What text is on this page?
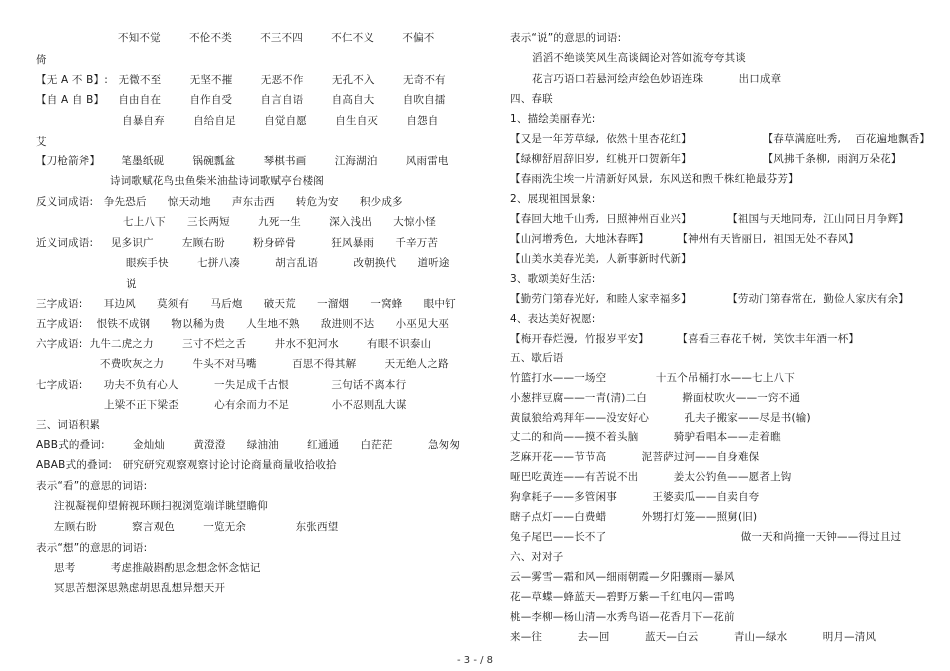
不知不觉        不伦不类        不三不四        不仁不义        不偏不
倚
【无 A 不 B】:   无微不至        无坚不摧        无恶不作        无孔不入        无奇不有
【自 A 自 B】    自由自在        自作自受        自言自语        自高自大        自吹自擂
自暴自弃        自给自足        自觉自愿        自生自灭        自怨自
艾
【刀枪箭斧】      笔墨纸砚        锅碗瓢盆        琴棋书画        江海湖泊        风雨雷电
诗词歌赋花鸟虫鱼柴米油盐诗词歌赋亭台楼阁
反义词成语:   争先恐后      惊天动地      声东击西      转危为安      积少成多
七上八下      三长两短        九死一生        深入浅出      大惊小怪
近义词成语:     见多识广        左顾右盼        粉身碎骨          狂风暴雨      千辛万苦
眼疾手快        七拼八凑          胡言乱语          改朝换代      道听途
说
三字成语:      耳边风      莫须有      马后炮      破天荒      一溜烟      一窝蜂      眼中钉
五字成语:    恨铁不成钢      物以稀为贵      人生地不熟      敌进则不达      小巫见大巫
六字成语:  九牛二虎之力        三寸不烂之舌        井水不犯河水        有眼不识泰山
不费吹灰之力        牛头不对马嘴          百思不得其解        天无绝人之路
七字成语:      功夫不负有心人          一失足成千古恨            三句话不离本行
上梁不正下梁歪          心有余而力不足            小不忍则乱大谋
三、词语积累
ABB式的叠词:        金灿灿        黄澄澄      绿油油        红通通      白茫茫          急匆匆
ABAB式的叠词:   研究研究观察观察讨论讨论商量商量收拾收拾
表示“看”的意思的词语:
注视凝视仰望俯视环顾扫视浏览端详眺望瞻仰
左顾右盼          察言观色        一览无余              东张西望
表示“想”的意思的词语:
思考          考虑推敲斟酌思念想念怀念惦记
冥思苦想深思熟虑胡思乱想异想天开
表示“说”的意思的词语:
滔滔不绝谈笑风生高谈阔论对答如流夸夸其谈
花言巧语口若悬河绘声绘色妙语连珠          出口成章
四、春联
1、描绘美丽春光:
【又是一年芳草绿,  依然十里杏花红】                    【春草满庭吐秀,    百花遍地飘香】
【绿柳舒眉辞旧岁,  红桃开口贺新年】                    【风拂千条柳,  雨润万朵花】
【春雨洗尘埃一片清新好风景,  东风送和煦千株红艳最芬芳】
2、展现祖国景象:
【春回大地千山秀,  日照神州百业兴】          【祖国与天地同寿,  江山同日月争辉】
【山河增秀色,  大地沐春晖】        【神州有天皆丽日,  祖国无处不春风】
【山美水美春光美,  人新事新时代新】
3、歌颂美好生活:
【勤劳门第春光好,  和睦人家幸福多】          【劳动门第春常在,  勤俭人家庆有余】
4、表达美好祝愿:
【梅开春烂漫,  竹报岁平安】        【喜看三春花千树,  笑饮丰年酒一杯】
五、歇后语
竹篮打水——一场空              十五个吊桶打水——七上八下
小葱拌豆腐——一青(清)二白          擀面杖吹火——一窍不通
黄鼠狼给鸡拜年——没安好心          孔夫子搬家——尽是书(输)
丈二的和尚——摸不着头脑          骑驴看唱本——走着瞧
芝麻开花——节节高          泥菩萨过河——自身难保
哑巴吃黄连——有苦说不出          姜太公钓鱼——愿者上钩
狗拿耗子——多管闲事          王婆卖瓜——自卖自夸
瞎子点灯——白费蜡          外甥打灯笼——照舅(旧)
兔子尾巴——长不了                                      做一天和尚撞一天钟——得过且过
六、对对子
云—雾雪—霜和风—细雨朝霞—夕阳骤雨—暴风
花—草蝶—蜂蓝天—碧野万紫—千红电闪—雷鸣
桃—李柳—杨山清—水秀鸟语—花香月下—花前
来—往          去—回          蓝天—白云          青山—绿水          明月—清风
- 3 - / 8
